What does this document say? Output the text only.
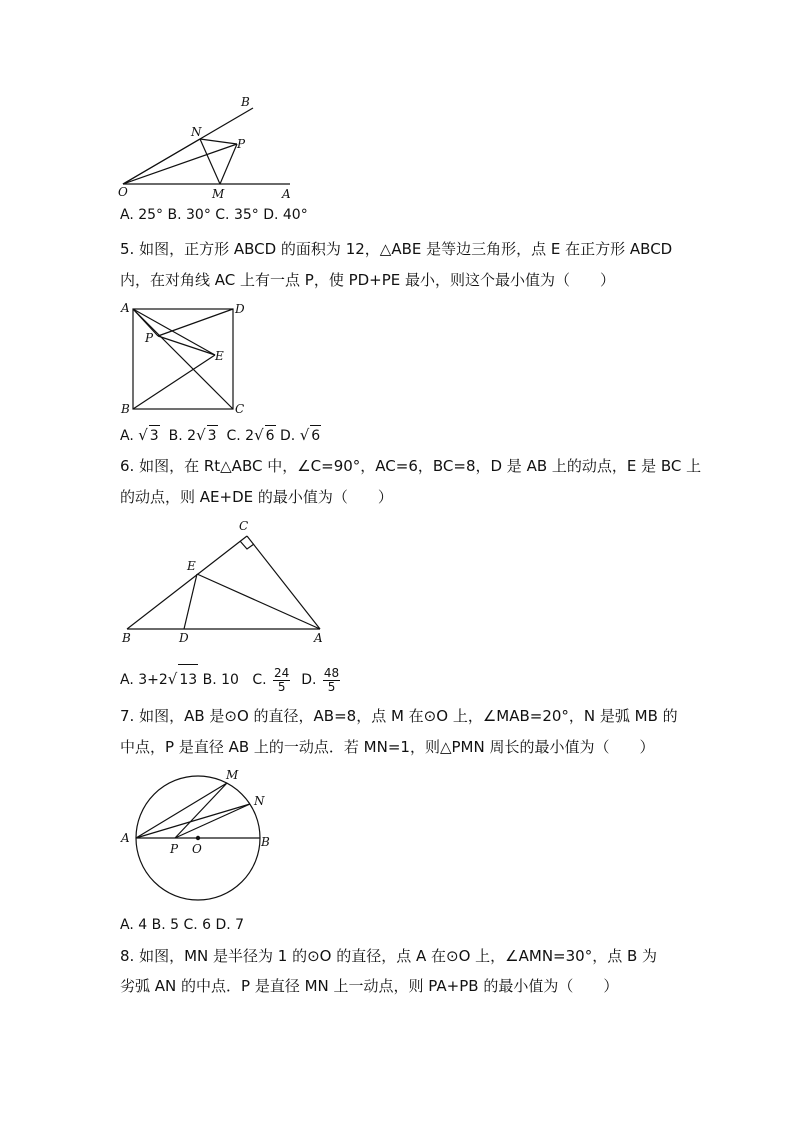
O	A
B
M
N
P
A. 25° B. 30° C. 35° D. 40°
5. 如图，正方形 ABCD 的面积为 12，△ABE 是等边三角形，点 E 在正方形 ABCD
内，在对角线 AC 上有一点 P，使 PD+PE 最小，则这个最小值为（　　）
A	D
B	C
E
P
A. √ 3 B. 2√ 3 C. 2√ 6 D. √ 6
6. 如图，在 Rt△ABC 中，∠C=90°，AC=6，BC=8，D 是 AB 上的动点，E 是 BC 上
的动点，则 AE+DE 的最小值为（　　）
C
E
B	D	A
A. 3+2√ 13 B. 10 C. $\frac{24}{5} D$. $\frac{48}{5}$
7. 如图，AB 是⊙O 的直径，AB=8，点 M 在⊙O 上，∠MAB=20°，N 是弧 MB 的
中点，P 是直径 AB 上的一动点．若 MN=1，则△PMN 周长的最小值为（　　）
M
N
A	B
P O
A. 4 B. 5 C. 6 D. 7
8. 如图，MN 是半径为 1 的⊙O 的直径，点 A 在⊙O 上，∠AMN=30°，点 B 为
劣弧 AN 的中点．P 是直径 MN 上一动点，则 PA+PB 的最小值为（　　）
